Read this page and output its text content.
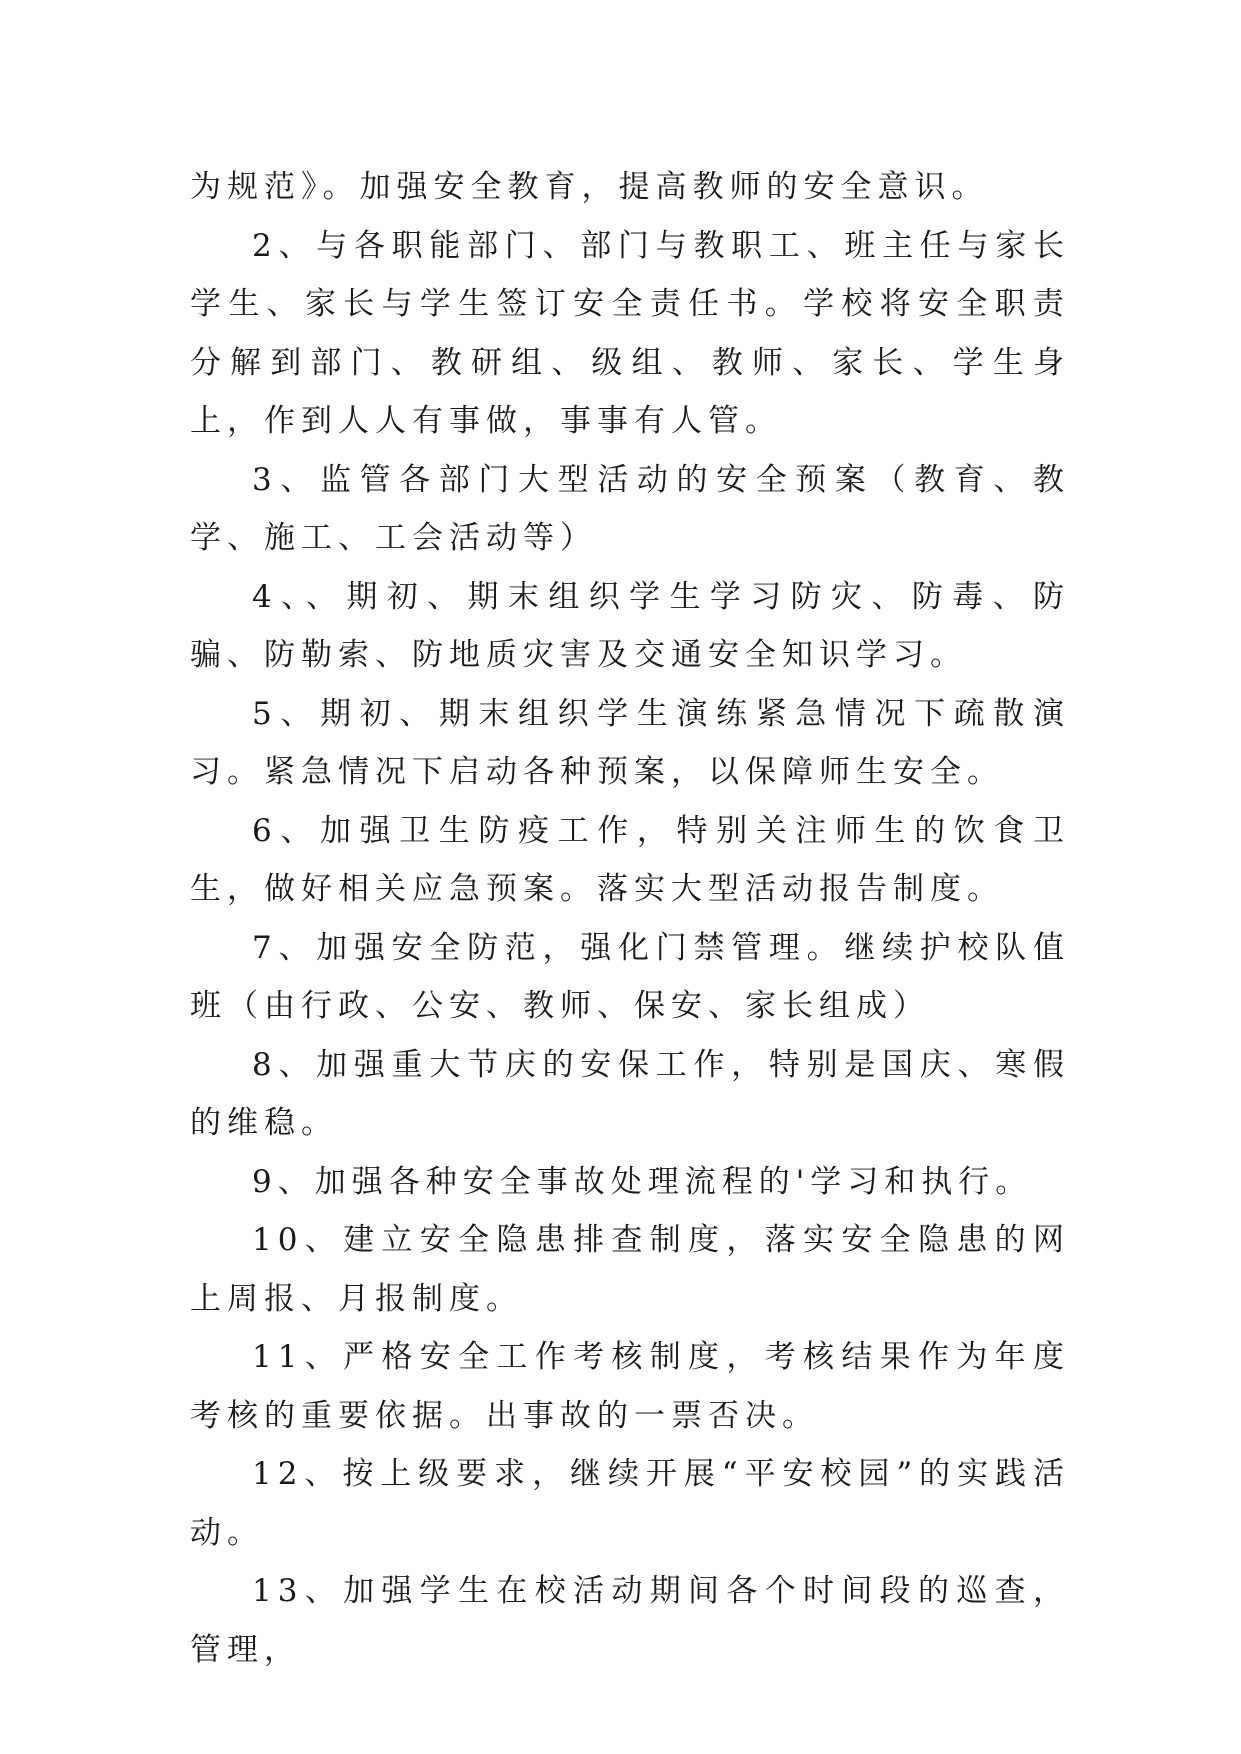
为规范》。加强安全教育，提高教师的安全意识。

2、与各职能部门、部门与教职工、班主任与家长学生、家长与学生签订安全责任书。学校将安全职责分解到部门、教研组、级组、教师、家长、学生身上，作到人人有事做，事事有人管。

3、监管各部门大型活动的安全预案（教育、教学、施工、工会活动等）

4、、期初、期末组织学生学习防灾、防毒、防骗、防勒索、防地质灾害及交通安全知识学习。

5、期初、期末组织学生演练紧急情况下疏散演习。紧急情况下启动各种预案，以保障师生安全。

6、加强卫生防疫工作，特别关注师生的饮食卫生，做好相关应急预案。落实大型活动报告制度。

7、加强安全防范，强化门禁管理。继续护校队值班（由行政、公安、教师、保安、家长组成）

8、加强重大节庆的安保工作，特别是国庆、寒假的维稳。

9、加强各种安全事故处理流程的'学习和执行。

10、建立安全隐患排查制度，落实安全隐患的网上周报、月报制度。

11、严格安全工作考核制度，考核结果作为年度考核的重要依据。出事故的一票否决。

12、按上级要求，继续开展“平安校园”的实践活动。

13、加强学生在校活动期间各个时间段的巡查，管理，
